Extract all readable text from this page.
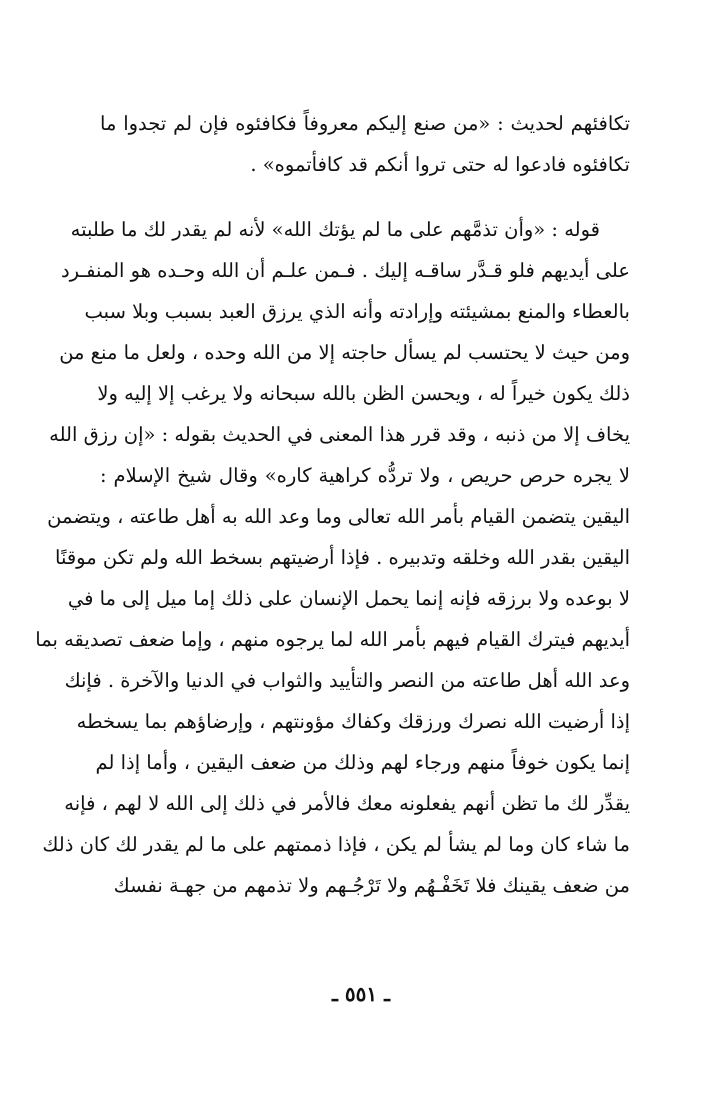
تكافئهم لحديث : «من صنع إليكم معروفاً فكافئوه فإن لم تجدوا ما
تكافئوه فادعوا له حتى تروا أنكم قد كافأتموه» .
قوله : «وأن تذمَّهم على ما لم يؤتك الله» لأنه لم يقدر لك ما طلبته
على أيديهم فلو قـدَّر ساقـه إليك . فـمن علـم أن الله وحـده هو المنفـرد
بالعطاء والمنع بمشيئته وإرادته وأنه الذي يرزق العبد بسبب وبلا سبب
ومن حيث لا يحتسب لم يسأل حاجته إلا من الله وحده ، ولعل ما منع من
ذلك يكون خيراً له ، ويحسن الظن بالله سبحانه ولا يرغب إلا إليه ولا
يخاف إلا من ذنبه ، وقد قرر هذا المعنى في الحديث بقوله : «إن رزق الله
لا يجره حرص حريص ، ولا تردُّه كراهية كاره» وقال شيخ الإسلام :
اليقين يتضمن القيام بأمر الله تعالى وما وعد الله به أهل طاعته ، ويتضمن
اليقين بقدر الله وخلقه وتدبيره . فإذا أرضيتهم بسخط الله ولم تكن موقنًا
لا بوعده ولا برزقه فإنه إنما يحمل الإنسان على ذلك إما ميل إلى ما في
أيديهم فيترك القيام فيهم بأمر الله لما يرجوه منهم ، وإما ضعف تصديقه بما
وعد الله أهل طاعته من النصر والتأييد والثواب في الدنيا والآخرة . فإنك
إذا أرضيت الله نصرك ورزقك وكفاك مؤونتهم ، وإرضاؤهم بما يسخطه
إنما يكون خوفاً منهم ورجاء لهم وذلك من ضعف اليقين ، وأما إذا لم
يقدِّر لك ما تظن أنهم يفعلونه معك فالأمر في ذلك إلى الله لا لهم ، فإنه
ما شاء كان وما لم يشأ لم يكن ، فإذا ذممتهم على ما لم يقدر لك كان ذلك
من ضعف يقينك فلا تَخَفْـهُم ولا تَرْجُـهم ولا تذمهم من جهـة نفسك
ـ ٥٥١ ـ
